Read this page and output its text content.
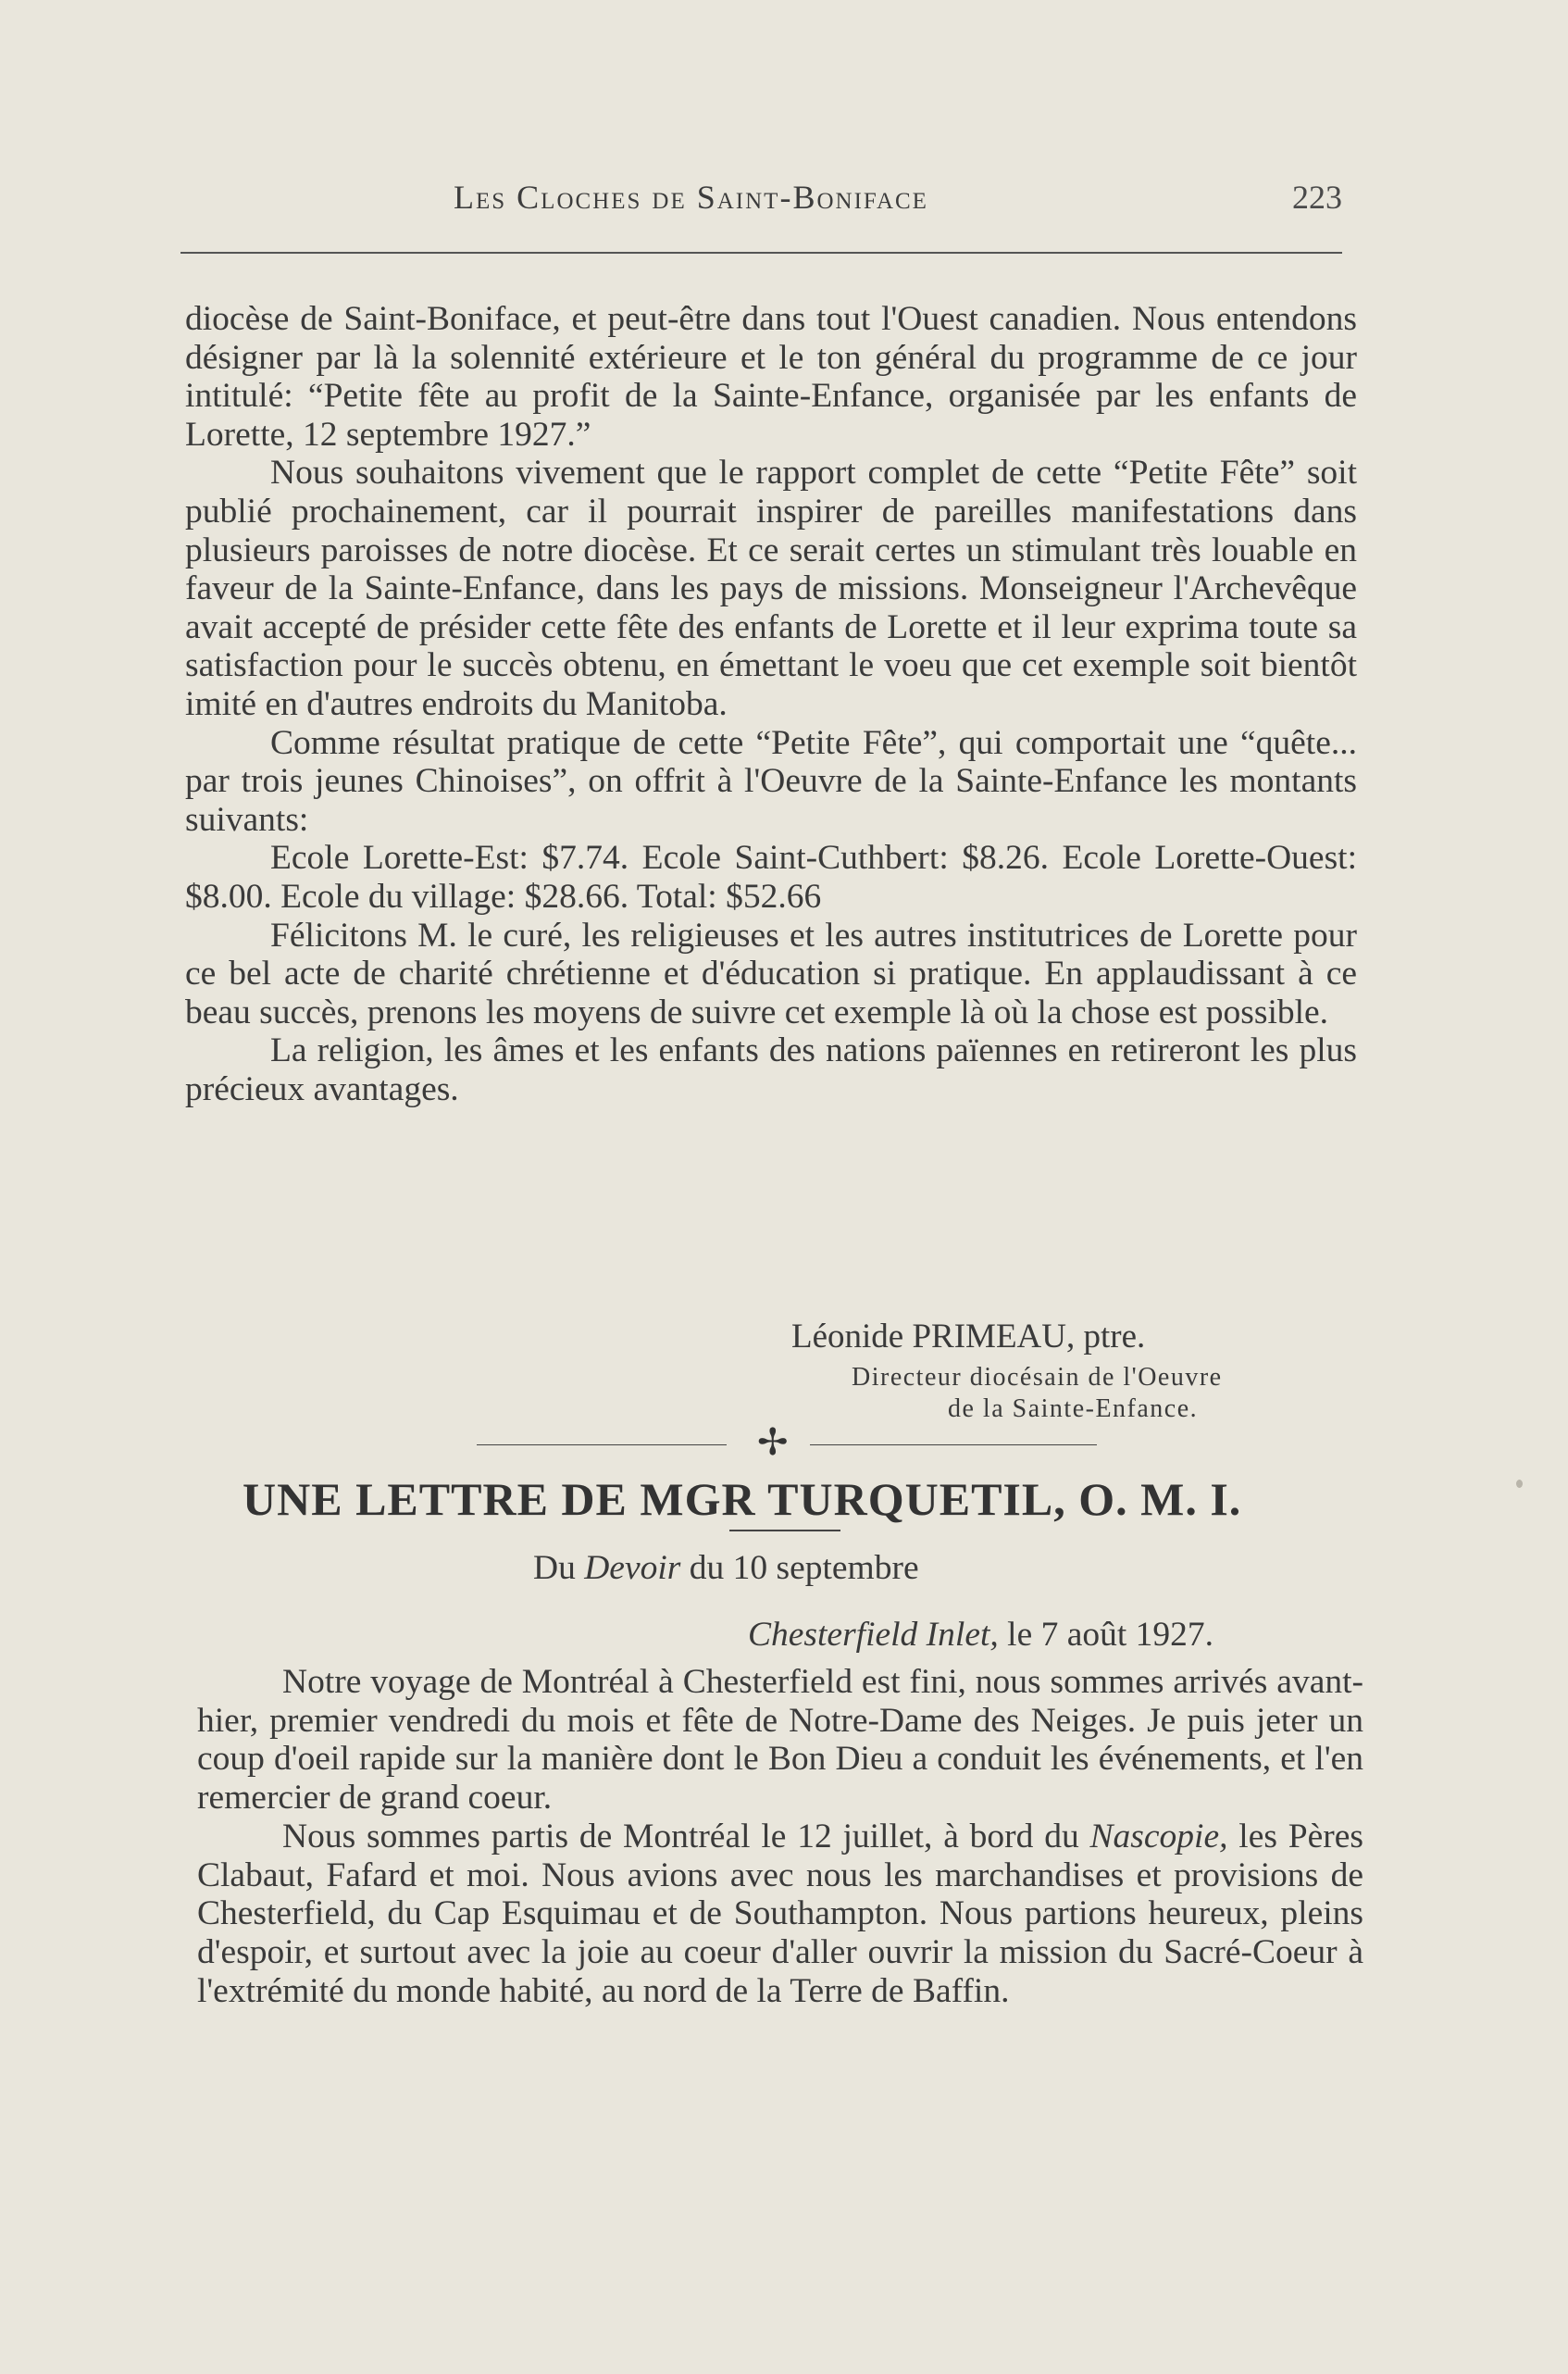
Les Cloches de Saint-Boniface	223

diocèse de Saint-Boniface, et peut-être dans tout l'Ouest canadien. Nous entendons désigner par là la solennité extérieure et le ton général du programme de ce jour intitulé: “Petite fête au profit de la Sainte-Enfance, organisée par les enfants de Lorette, 12 septembre 1927.”

Nous souhaitons vivement que le rapport complet de cette “Petite Fête” soit publié prochainement, car il pourrait inspirer de pareilles manifestations dans plusieurs paroisses de notre diocèse. Et ce serait certes un stimulant très louable en faveur de la Sainte-Enfance, dans les pays de missions. Monseigneur l'Archevêque avait accepté de présider cette fête des enfants de Lorette et il leur exprima toute sa satisfaction pour le succès obtenu, en émettant le voeu que cet exemple soit bientôt imité en d'autres endroits du Manitoba.

Comme résultat pratique de cette “Petite Fête”, qui comportait une “quête... par trois jeunes Chinoises”, on offrit à l'Oeuvre de la Sainte-Enfance les montants suivants:

Ecole Lorette-Est: $7.74. Ecole Saint-Cuthbert: $8.26. Ecole Lorette-Ouest: $8.00. Ecole du village: $28.66. Total: $52.66

Félicitons M. le curé, les religieuses et les autres institutrices de Lorette pour ce bel acte de charité chrétienne et d'éducation si pratique. En applaudissant à ce beau succès, prenons les moyens de suivre cet exemple là où la chose est possible.

La religion, les âmes et les enfants des nations païennes en retireront les plus précieux avantages.

Léonide PRIMEAU, ptre.
Directeur diocésain de l'Oeuvre
de la Sainte-Enfance.
✢
UNE LETTRE DE MGR TURQUETIL, O. M. I.
Du Devoir du 10 septembre
Chesterfield Inlet, le 7 août 1927.

Notre voyage de Montréal à Chesterfield est fini, nous sommes arrivés avant-hier, premier vendredi du mois et fête de Notre-Dame des Neiges. Je puis jeter un coup d'oeil rapide sur la manière dont le Bon Dieu a conduit les événements, et l'en remercier de grand coeur.

Nous sommes partis de Montréal le 12 juillet, à bord du Nascopie, les Pères Clabaut, Fafard et moi. Nous avions avec nous les marchandises et provisions de Chesterfield, du Cap Esquimau et de Southampton. Nous partions heureux, pleins d'espoir, et surtout avec la joie au coeur d'aller ouvrir la mission du Sacré-Coeur à l'extrémité du monde habité, au nord de la Terre de Baffin.
